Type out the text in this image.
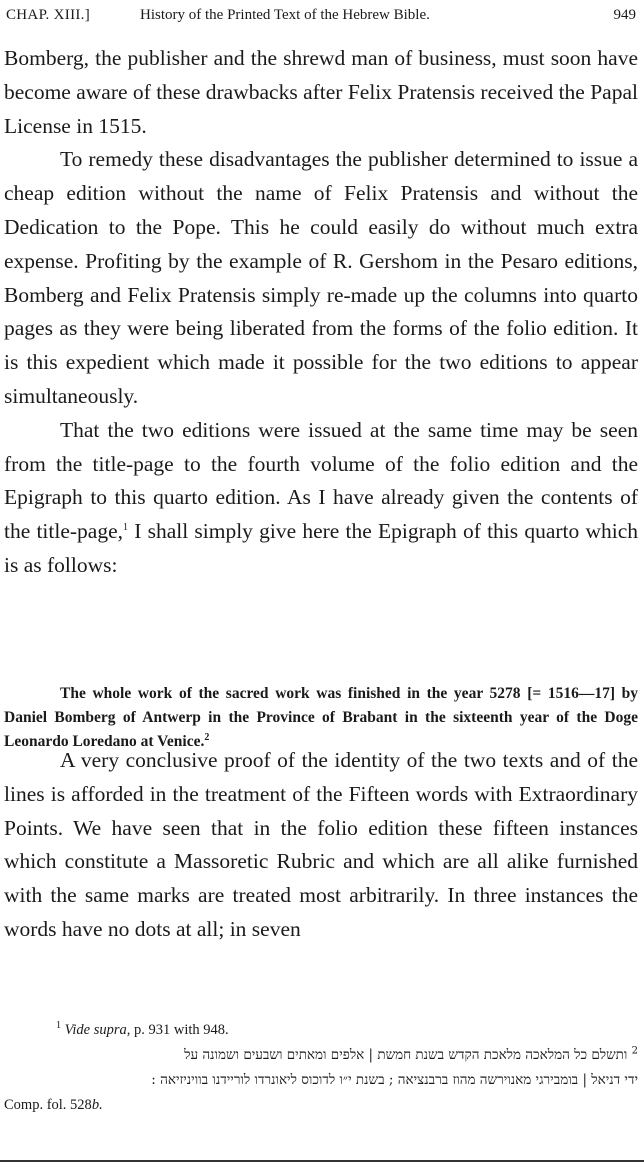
CHAP. XIII.]	History of the Printed Text of the Hebrew Bible.	949

Bomberg, the publisher and the shrewd man of business, must soon have become aware of these drawbacks after Felix Pratensis received the Papal License in 1515.

To remedy these disadvantages the publisher determined to issue a cheap edition without the name of Felix Pratensis and without the Dedication to the Pope. This he could easily do without much extra expense. Profiting by the example of R. Gershom in the Pesaro editions, Bomberg and Felix Pratensis simply re-made up the columns into quarto pages as they were being liberated from the forms of the folio edition. It is this expedient which made it possible for the two editions to appear simultaneously.

That the two editions were issued at the same time may be seen from the title-page to the fourth volume of the folio edition and the Epigraph to this quarto edition. As I have already given the contents of the title-page,$^1$ I shall simply give here the Epigraph of this quarto which is as follows:

The whole work of the sacred work was finished in the year 5278 [= 1516—17] by Daniel Bomberg of Antwerp in the Province of Brabant in the sixteenth year of the Doge Leonardo Loredano at Venice.$^2$

A very conclusive proof of the identity of the two texts and of the lines is afforded in the treatment of the Fifteen words with Extraordinary Points. We have seen that in the folio edition these fifteen instances which constitute a Massoretic Rubric and which are all alike furnished with the same marks are treated most arbitrarily. In three instances the words have no dots at all; in seven

$^1$ Vide supra, p. 931 with 948.
$^2$ ותשלם כל המלאכה מלאכת הקדש בשנת חמשת | אלפים ומאתים ושבעים ושמונה על
ידי דניאל | בומבירגי מאנוירשה מהוז ברבנציאה ; בשנת י״ו לדוכוס ליאונרדו לוריידנו בוויניזיאה :
Comp. fol. 528b.
